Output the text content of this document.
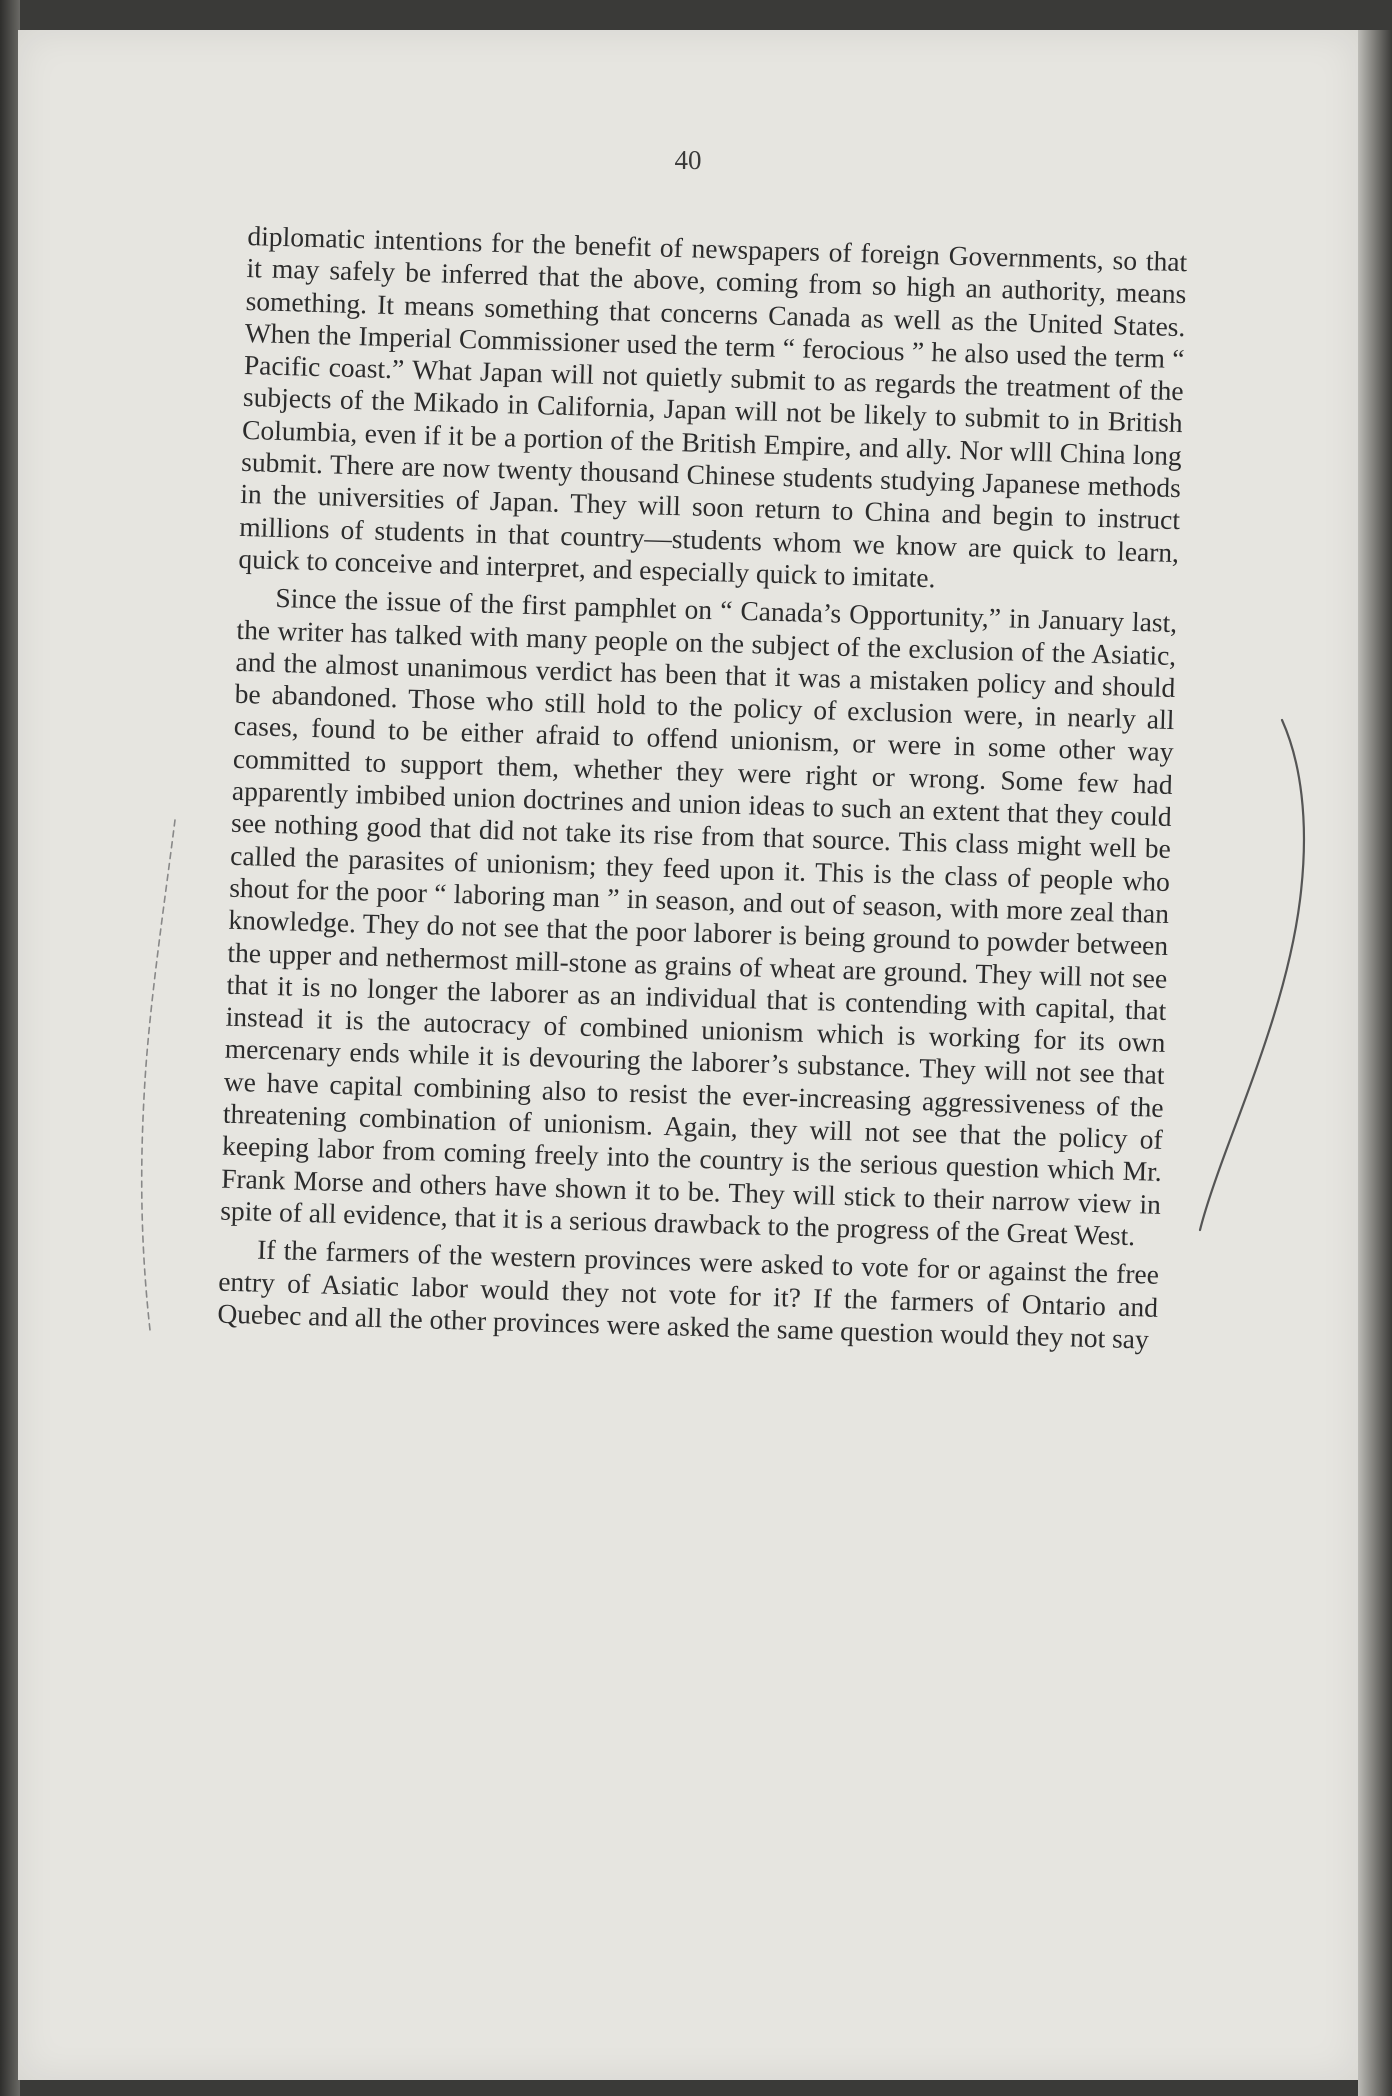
40

diplomatic intentions for the benefit of newspapers of foreign Governments, so that it may safely be inferred that the above, coming from so high an authority, means something. It means something that concerns Canada as well as the United States. When the Imperial Commissioner used the term “ ferocious ” he also used the term “ Pacific coast.” What Japan will not quietly submit to as regards the treatment of the subjects of the Mikado in California, Japan will not be likely to submit to in British Columbia, even if it be a portion of the British Empire, and ally. Nor wlll China long submit. There are now twenty thousand Chinese students studying Japanese methods in the universities of Japan. They will soon return to China and begin to instruct millions of students in that country—students whom we know are quick to learn, quick to conceive and interpret, and especially quick to imitate.

Since the issue of the first pamphlet on “ Canada’s Opportunity,” in January last, the writer has talked with many people on the subject of the exclusion of the Asiatic, and the almost unanimous verdict has been that it was a mistaken policy and should be abandoned. Those who still hold to the policy of exclusion were, in nearly all cases, found to be either afraid to offend unionism, or were in some other way committed to support them, whether they were right or wrong. Some few had apparently imbibed union doctrines and union ideas to such an extent that they could see nothing good that did not take its rise from that source. This class might well be called the parasites of unionism; they feed upon it. This is the class of people who shout for the poor “ laboring man ” in season, and out of season, with more zeal than knowledge. They do not see that the poor laborer is being ground to powder between the upper and nethermost mill-stone as grains of wheat are ground. They will not see that it is no longer the laborer as an individual that is contending with capital, that instead it is the autocracy of combined unionism which is working for its own mercenary ends while it is devouring the laborer’s substance. They will not see that we have capital combining also to resist the ever-increasing aggressiveness of the threatening combination of unionism. Again, they will not see that the policy of keeping labor from coming freely into the country is the serious question which Mr. Frank Morse and others have shown it to be. They will stick to their narrow view in spite of all evidence, that it is a serious drawback to the progress of the Great West.

If the farmers of the western provinces were asked to vote for or against the free entry of Asiatic labor would they not vote for it? If the farmers of Ontario and Quebec and all the other provinces were asked the same question would they not say
